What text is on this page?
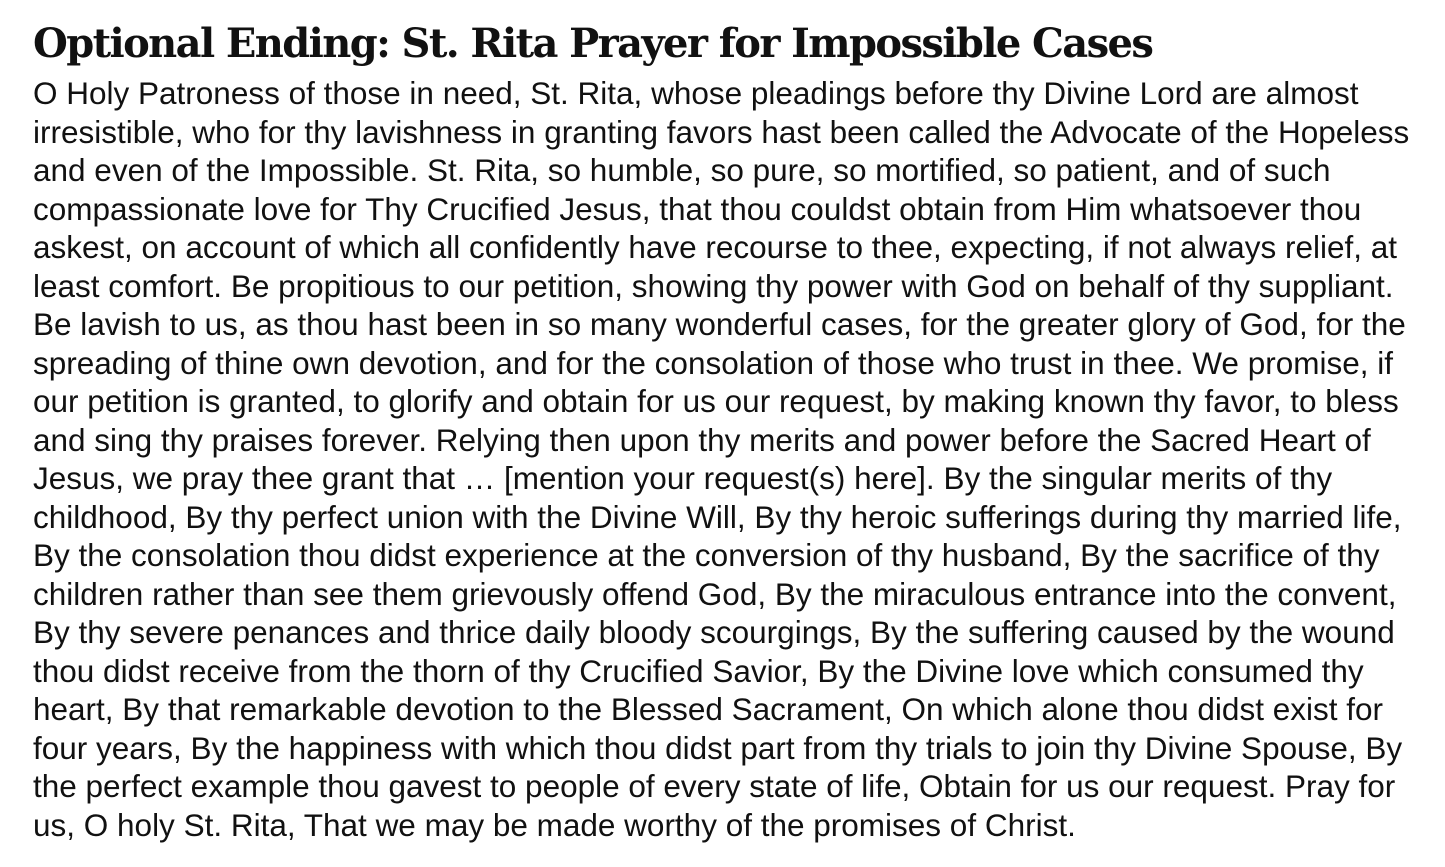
Optional Ending: St. Rita Prayer for Impossible Cases

O Holy Patroness of those in need, St. Rita, whose pleadings before thy Divine Lord are almost
irresistible, who for thy lavishness in granting favors hast been called the Advocate of the Hopeless
and even of the Impossible. St. Rita, so humble, so pure, so mortified, so patient, and of such
compassionate love for Thy Crucified Jesus, that thou couldst obtain from Him whatsoever thou
askest, on account of which all confidently have recourse to thee, expecting, if not always relief, at
least comfort. Be propitious to our petition, showing thy power with God on behalf of thy suppliant.
Be lavish to us, as thou hast been in so many wonderful cases, for the greater glory of God, for the
spreading of thine own devotion, and for the consolation of those who trust in thee. We promise, if
our petition is granted, to glorify and obtain for us our request, by making known thy favor, to bless
and sing thy praises forever. Relying then upon thy merits and power before the Sacred Heart of
Jesus, we pray thee grant that … [mention your request(s) here]. By the singular merits of thy
childhood, By thy perfect union with the Divine Will, By thy heroic sufferings during thy married life,
By the consolation thou didst experience at the conversion of thy husband, By the sacrifice of thy
children rather than see them grievously offend God, By the miraculous entrance into the convent,
By thy severe penances and thrice daily bloody scourgings, By the suffering caused by the wound
thou didst receive from the thorn of thy Crucified Savior, By the Divine love which consumed thy
heart, By that remarkable devotion to the Blessed Sacrament, On which alone thou didst exist for
four years, By the happiness with which thou didst part from thy trials to join thy Divine Spouse, By
the perfect example thou gavest to people of every state of life, Obtain for us our request. Pray for
us, O holy St. Rita, That we may be made worthy of the promises of Christ.
